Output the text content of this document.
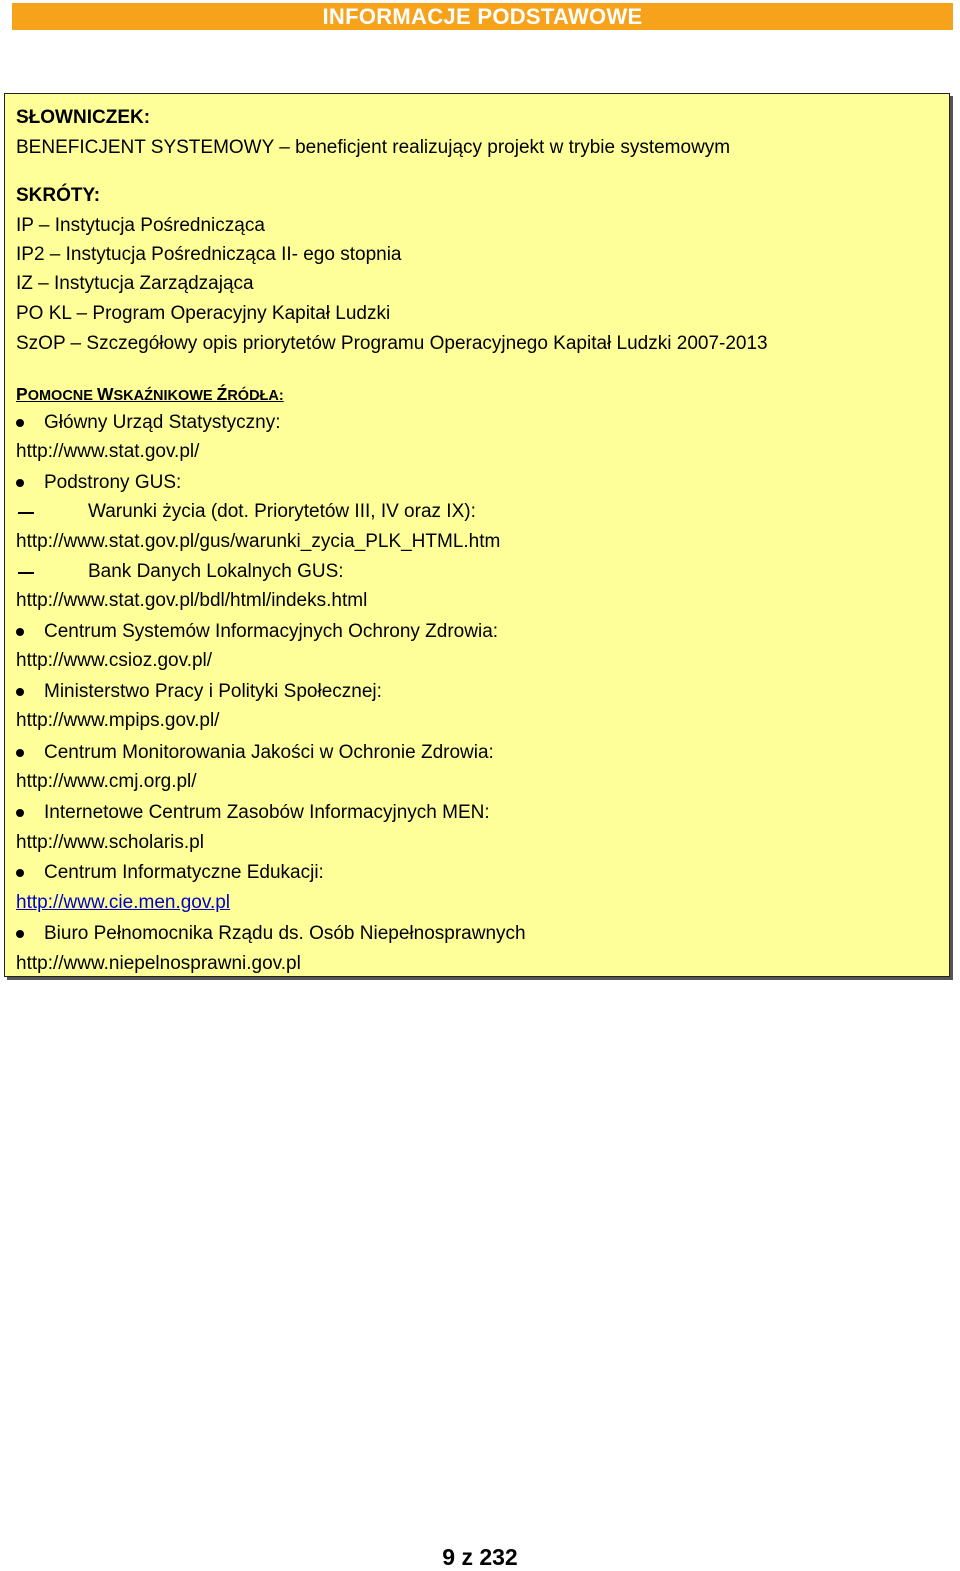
INFORMACJE PODSTAWOWE
SŁOWNICZEK:
BENEFICJENT SYSTEMOWY – beneficjent realizujący projekt w trybie systemowym
SKRÓTY:
IP – Instytucja Pośrednicząca
IP2 – Instytucja Pośrednicząca II- ego stopnia
IZ – Instytucja Zarządzająca
PO KL – Program Operacyjny Kapitał Ludzki
SzOP – Szczegółowy opis priorytetów Programu Operacyjnego Kapitał Ludzki 2007-2013
POMOCNE WSKAŹNIKOWE ŹRÓDŁA:
Główny Urząd Statystyczny:
http://www.stat.gov.pl/
Podstrony GUS:
Warunki życia (dot. Priorytetów III, IV oraz IX):
http://www.stat.gov.pl/gus/warunki_zycia_PLK_HTML.htm
Bank Danych Lokalnych GUS:
http://www.stat.gov.pl/bdl/html/indeks.html
Centrum Systemów Informacyjnych Ochrony Zdrowia:
http://www.csioz.gov.pl/
Ministerstwo Pracy i Polityki Społecznej:
http://www.mpips.gov.pl/
Centrum Monitorowania Jakości w Ochronie Zdrowia:
http://www.cmj.org.pl/
Internetowe Centrum Zasobów Informacyjnych MEN:
http://www.scholaris.pl
Centrum Informatyczne Edukacji:
http://www.cie.men.gov.pl
Biuro Pełnomocnika Rządu ds. Osób Niepełnosprawnych
http://www.niepelnosprawni.gov.pl
9 z 232
